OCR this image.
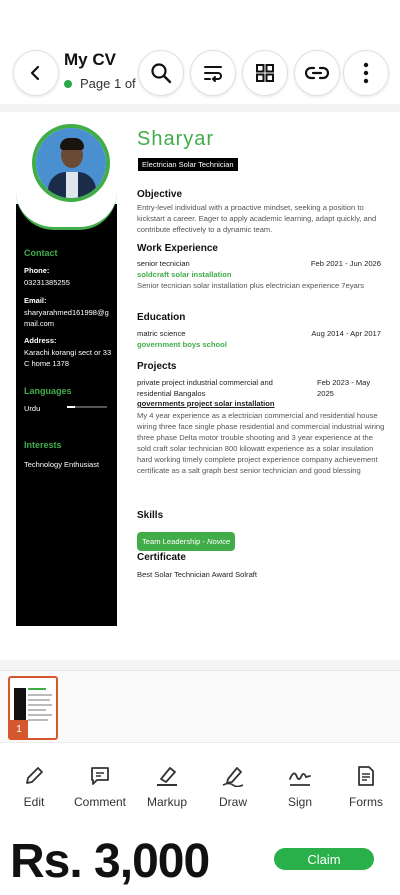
My CV
Page 1 of
Contact
Phone:
03231385255
Email:
sharyarahmed161998@gmail.com
Address:
Karachi korangi sect or 33C home 1378
Languages
Urdu
Interests
Technology Enthusiast
Sharyar
Electrician Solar Technician
Objective
Entry-level individual with a proactive mindset, seeking a position to kickstart a career. Eager to apply academic learning, adapt quickly, and contribute effectively to a dynamic team.
Work Experience
senior tecnician	Feb 2021 - Jun 2026
soldcraft solar installation
Senior tecnician solar installation plus electrician experience 7eyars
Education
matric science	Aug 2014 - Apr 2017
government boys school
Projects
private project industrial commercial and residential Bangalos
Feb 2023 - May 2025
governments project solar installation
My 4 year experience as a electrician commercial and residential house wiring three face single phase residential and commercial industrial wiring three phase Delta motor trouble shooting and 3 year experience at the sold craft solar technician 800 kilowatt experience as a solar insulation hard working timely complete project experience company achievement certificate as a salt graph best senior technician and good blessing
Skills
Team Leadership - Novice
Certificate
Best Solar Technician Award Solraft
1
Edit	Comment	Markup	Draw	Sign	Forms
Rs. 3,000	Claim
